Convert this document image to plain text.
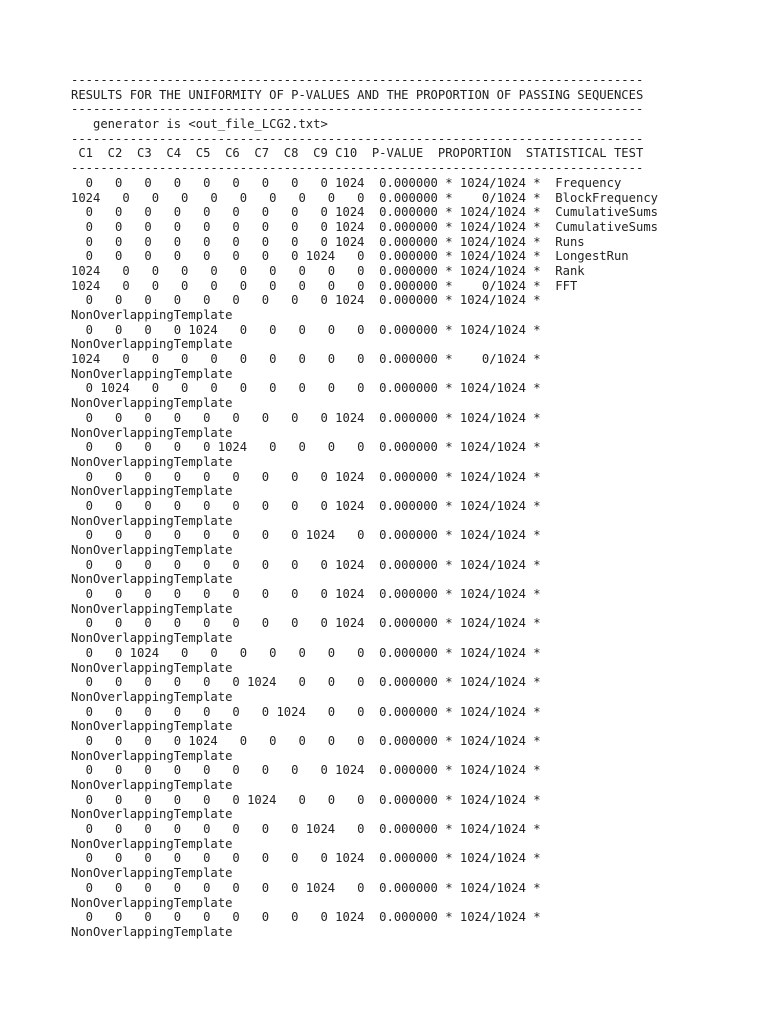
------------------------------------------------------------------------------
RESULTS FOR THE UNIFORMITY OF P-VALUES AND THE PROPORTION OF PASSING SEQUENCES
------------------------------------------------------------------------------
generator is <out_file_LCG2.txt>
------------------------------------------------------------------------------
C1  C2  C3  C4  C5  C6  C7  C8  C9 C10  P-VALUE  PROPORTION  STATISTICAL TEST
------------------------------------------------------------------------------
0   0   0   0   0   0   0   0   0 1024  0.000000 * 1024/1024 *  Frequency
1024   0   0   0   0   0   0   0   0   0  0.000000 *    0/1024 *  BlockFrequency
0   0   0   0   0   0   0   0   0 1024  0.000000 * 1024/1024 *  CumulativeSums
0   0   0   0   0   0   0   0   0 1024  0.000000 * 1024/1024 *  CumulativeSums
0   0   0   0   0   0   0   0   0 1024  0.000000 * 1024/1024 *  Runs
0   0   0   0   0   0   0   0 1024   0  0.000000 * 1024/1024 *  LongestRun
1024   0   0   0   0   0   0   0   0   0  0.000000 * 1024/1024 *  Rank
1024   0   0   0   0   0   0   0   0   0  0.000000 *    0/1024 *  FFT
0   0   0   0   0   0   0   0   0 1024  0.000000 * 1024/1024 *
NonOverlappingTemplate
0   0   0   0 1024   0   0   0   0   0  0.000000 * 1024/1024 *
NonOverlappingTemplate
1024   0   0   0   0   0   0   0   0   0  0.000000 *    0/1024 *
NonOverlappingTemplate
0 1024   0   0   0   0   0   0   0   0  0.000000 * 1024/1024 *
NonOverlappingTemplate
0   0   0   0   0   0   0   0   0 1024  0.000000 * 1024/1024 *
NonOverlappingTemplate
0   0   0   0   0 1024   0   0   0   0  0.000000 * 1024/1024 *
NonOverlappingTemplate
0   0   0   0   0   0   0   0   0 1024  0.000000 * 1024/1024 *
NonOverlappingTemplate
0   0   0   0   0   0   0   0   0 1024  0.000000 * 1024/1024 *
NonOverlappingTemplate
0   0   0   0   0   0   0   0 1024   0  0.000000 * 1024/1024 *
NonOverlappingTemplate
0   0   0   0   0   0   0   0   0 1024  0.000000 * 1024/1024 *
NonOverlappingTemplate
0   0   0   0   0   0   0   0   0 1024  0.000000 * 1024/1024 *
NonOverlappingTemplate
0   0   0   0   0   0   0   0   0 1024  0.000000 * 1024/1024 *
NonOverlappingTemplate
0   0 1024   0   0   0   0   0   0   0  0.000000 * 1024/1024 *
NonOverlappingTemplate
0   0   0   0   0   0 1024   0   0   0  0.000000 * 1024/1024 *
NonOverlappingTemplate
0   0   0   0   0   0   0 1024   0   0  0.000000 * 1024/1024 *
NonOverlappingTemplate
0   0   0   0 1024   0   0   0   0   0  0.000000 * 1024/1024 *
NonOverlappingTemplate
0   0   0   0   0   0   0   0   0 1024  0.000000 * 1024/1024 *
NonOverlappingTemplate
0   0   0   0   0   0 1024   0   0   0  0.000000 * 1024/1024 *
NonOverlappingTemplate
0   0   0   0   0   0   0   0 1024   0  0.000000 * 1024/1024 *
NonOverlappingTemplate
0   0   0   0   0   0   0   0   0 1024  0.000000 * 1024/1024 *
NonOverlappingTemplate
0   0   0   0   0   0   0   0 1024   0  0.000000 * 1024/1024 *
NonOverlappingTemplate
0   0   0   0   0   0   0   0   0 1024  0.000000 * 1024/1024 *
NonOverlappingTemplate
